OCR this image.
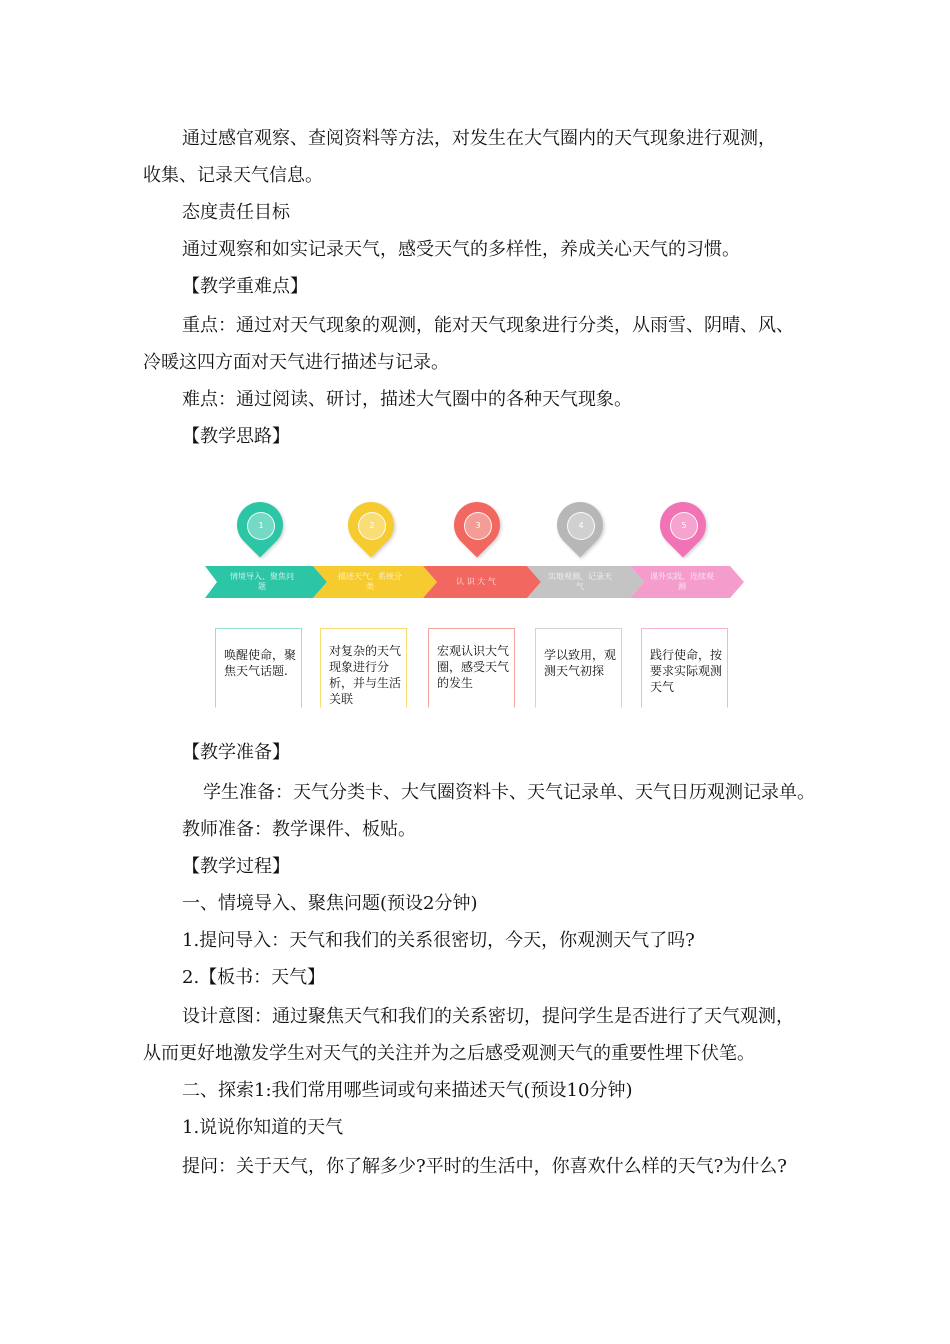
通过感官观察、查阅资料等方法，对发生在大气圈内的天气现象进行观测，
收集、记录天气信息。
态度责任目标
通过观察和如实记录天气，感受天气的多样性，养成关心天气的习惯。
【教学重难点】
重点：通过对天气现象的观测，能对天气现象进行分类，从雨雪、阴晴、风、冷暖这四方面对天气进行描述与记录。
难点：通过阅读、研讨，描述大气圈中的各种天气现象。
【教学思路】
1	2	3	4	5
情境导入、聚焦问题
描述天气、系统分类
认 识 大 气
实地观测、记录天气
课外实践、连续观测
唤醒使命，聚焦天气话题.
对复杂的天气现象进行分析，并与生活关联
宏观认识大气圈，感受天气的发生
学以致用，观测天气初探
践行使命，按要求实际观测天气
【教学准备】
学生准备：天气分类卡、大气圈资料卡、天气记录单、天气日历观测记录单。
教师准备：教学课件、板贴。
【教学过程】
一、情境导入、聚焦问题(预设2分钟)
1.提问导入：天气和我们的关系很密切，今天，你观测天气了吗?
2.【板书：天气】
设计意图：通过聚焦天气和我们的关系密切，提问学生是否进行了天气观测，从而更好地激发学生对天气的关注并为之后感受观测天气的重要性埋下伏笔。
二、探索1:我们常用哪些词或句来描述天气(预设10分钟)
1.说说你知道的天气
提问：关于天气，你了解多少?平时的生活中，你喜欢什么样的天气?为什么?
